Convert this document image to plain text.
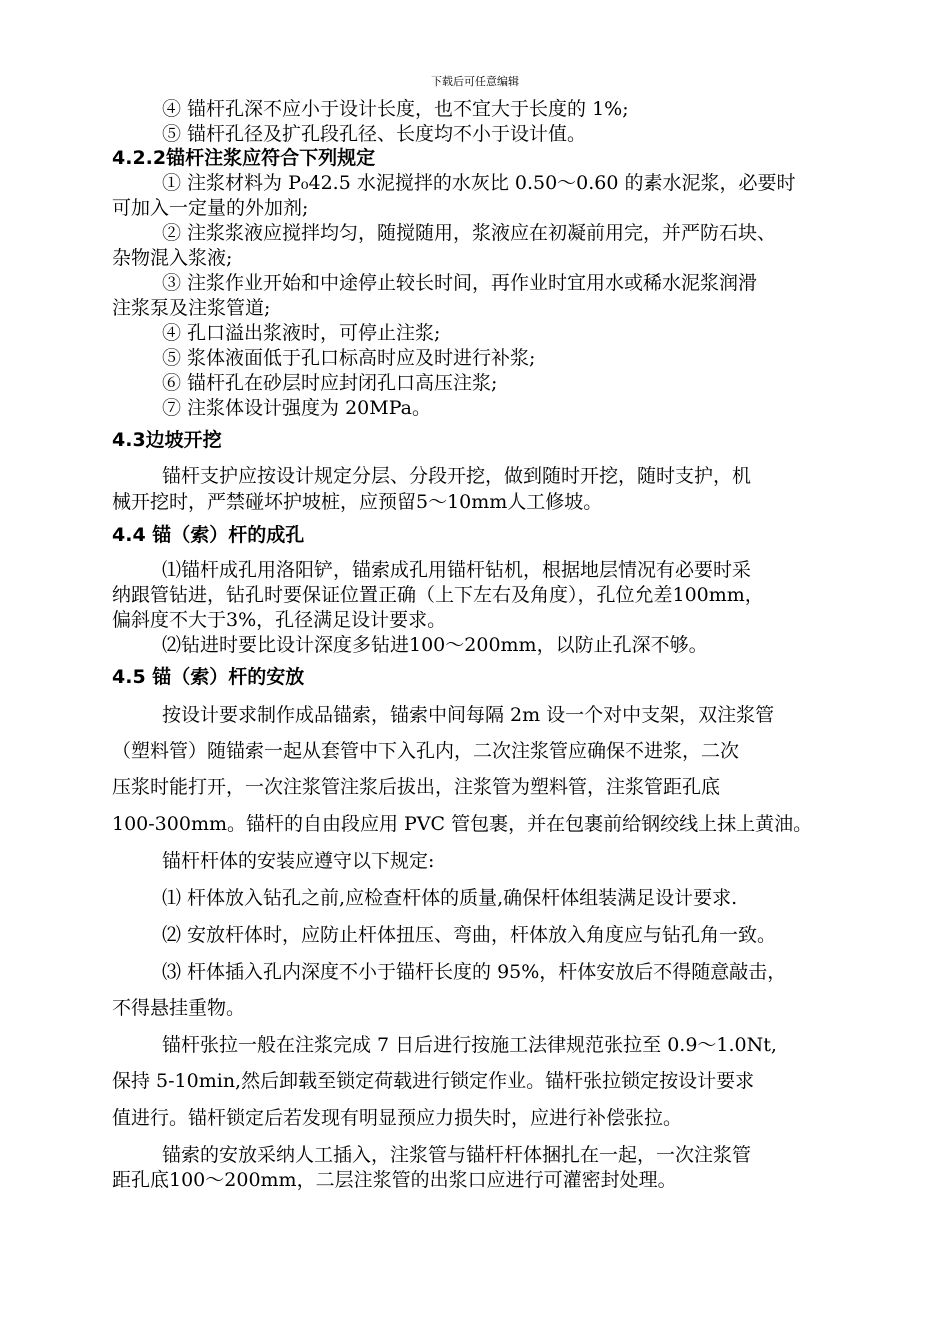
下载后可任意编辑
④ 锚杆孔深不应小于设计长度，也不宜大于长度的 1%;
⑤ 锚杆孔径及扩孔段孔径、长度均不小于设计值。
4.2.2锚杆注浆应符合下列规定
① 注浆材料为 P₀42.5 水泥搅拌的水灰比 0.50～0.60 的素水泥浆，必要时
可加入一定量的外加剂;
② 注浆浆液应搅拌均匀，随搅随用，浆液应在初凝前用完，并严防石块、
杂物混入浆液;
③ 注浆作业开始和中途停止较长时间，再作业时宜用水或稀水泥浆润滑
注浆泵及注浆管道;
④ 孔口溢出浆液时，可停止注浆;
⑤ 浆体液面低于孔口标高时应及时进行补浆;
⑥ 锚杆孔在砂层时应封闭孔口高压注浆;
⑦ 注浆体设计强度为 20MPa。
4.3边坡开挖
锚杆支护应按设计规定分层、分段开挖，做到随时开挖，随时支护，机
械开挖时，严禁碰坏护坡桩，应预留5～10mm人工修坡。
4.4 锚（索）杆的成孔
⑴锚杆成孔用洛阳铲，锚索成孔用锚杆钻机，根据地层情况有必要时采
纳跟管钻进，钻孔时要保证位置正确（上下左右及角度），孔位允差100mm，
偏斜度不大于3%，孔径满足设计要求。
⑵钻进时要比设计深度多钻进100～200mm，以防止孔深不够。
4.5 锚（索）杆的安放
按设计要求制作成品锚索，锚索中间每隔 2m 设一个对中支架，双注浆管
（塑料管）随锚索一起从套管中下入孔内，二次注浆管应确保不进浆，二次
压浆时能打开，一次注浆管注浆后拔出，注浆管为塑料管，注浆管距孔底
100-300mm。锚杆的自由段应用 PVC 管包裹，并在包裹前给钢绞线上抹上黄油。
锚杆杆体的安装应遵守以下规定:
⑴ 杆体放入钻孔之前,应检查杆体的质量,确保杆体组装满足设计要求.
⑵ 安放杆体时，应防止杆体扭压、弯曲，杆体放入角度应与钻孔角一致。
⑶ 杆体插入孔内深度不小于锚杆长度的 95%，杆体安放后不得随意敲击，
不得悬挂重物。
锚杆张拉一般在注浆完成 7 日后进行按施工法律规范张拉至 0.9～1.0Nt,
保持 5-10min,然后卸载至锁定荷载进行锁定作业。锚杆张拉锁定按设计要求
值进行。锚杆锁定后若发现有明显预应力损失时，应进行补偿张拉。
锚索的安放采纳人工插入，注浆管与锚杆杆体捆扎在一起，一次注浆管
距孔底100～200mm，二层注浆管的出浆口应进行可灌密封处理。
